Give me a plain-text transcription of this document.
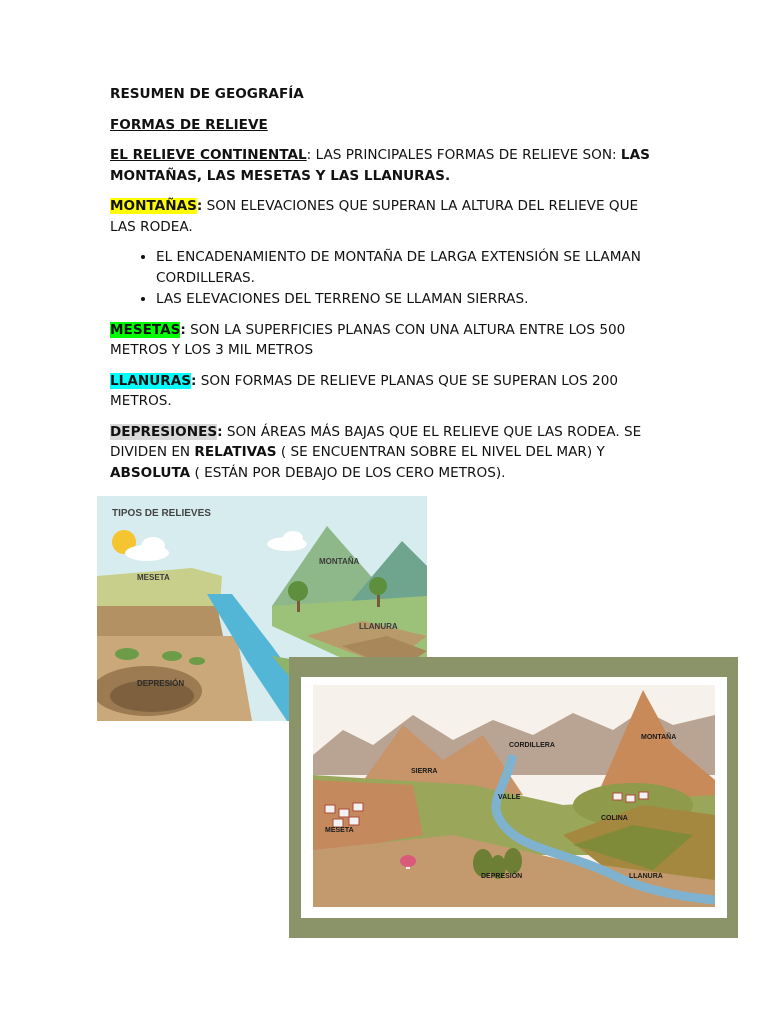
RESUMEN DE GEOGRAFÍA

FORMAS DE RELIEVE

EL RELIEVE CONTINENTAL: LAS PRINCIPALES FORMAS DE RELIEVE SON: LAS MONTAÑAS, LAS MESETAS Y LAS LLANURAS.

MONTAÑAS: SON ELEVACIONES QUE SUPERAN LA ALTURA DEL RELIEVE QUE LAS RODEA.

• EL ENCADENAMIENTO DE MONTAÑA DE LARGA EXTENSIÓN SE LLAMAN CORDILLERAS.
• LAS ELEVACIONES DEL TERRENO SE LLAMAN SIERRAS.

MESETAS: SON LA SUPERFICIES PLANAS CON UNA ALTURA ENTRE LOS 500 METROS Y LOS 3 MIL METROS

LLANURAS: SON FORMAS DE RELIEVE PLANAS QUE SE SUPERAN LOS 200 METROS.

DEPRESIONES: SON ÁREAS MÁS BAJAS QUE EL RELIEVE QUE LAS RODEA. SE DIVIDEN EN RELATIVAS ( SE ENCUENTRAN SOBRE EL NIVEL DEL MAR) Y ABSOLUTA ( ESTÁN POR DEBAJO DE LOS CERO METROS).

TIPOS DE RELIEVES
MESETA
MONTAÑA
LLANURA
DEPRESIÓN
CORDILLERA
MONTAÑA
SIERRA
VALLE
COLINA
MESETA
DEPRESIÓN	LLANURA
